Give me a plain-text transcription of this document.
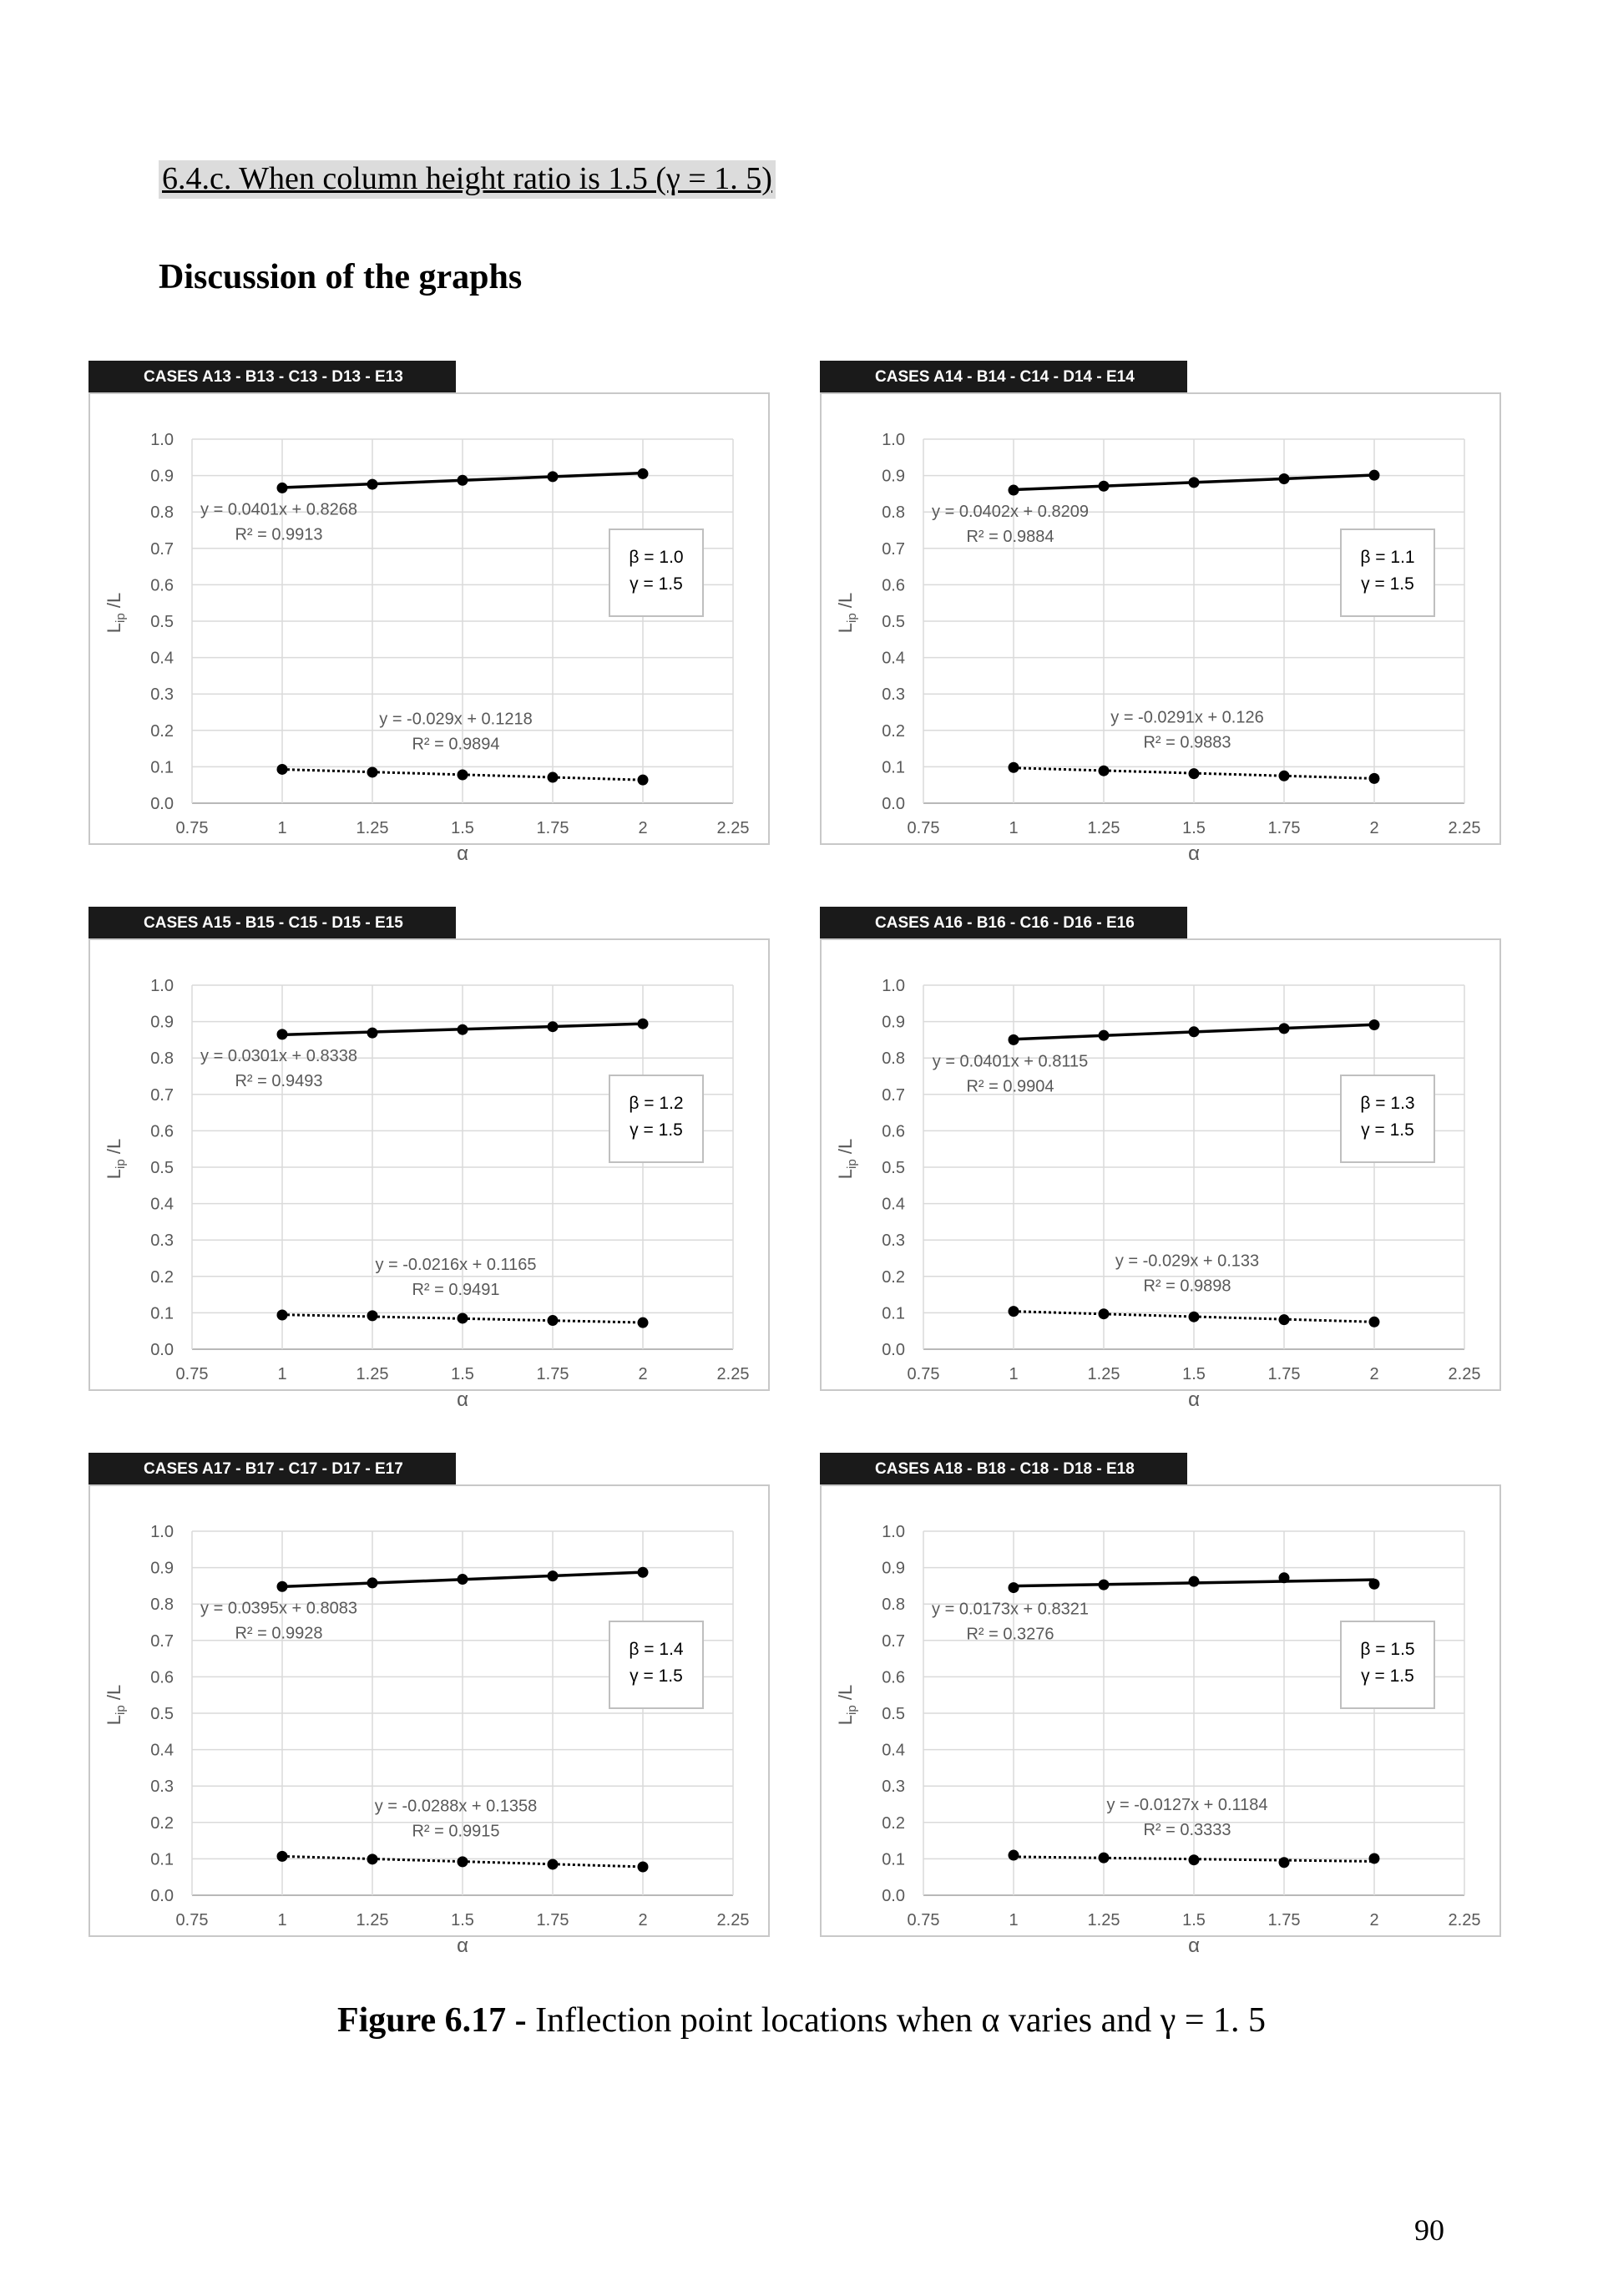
6.4.c. When column height ratio is 1.5 (γ = 1. 5)
Discussion of the graphs
CASES A13 - B13 - C13 - D13 - E13
0.0
0.1
0.2
0.3
0.4
0.5
0.6
0.7
0.8
0.9
1.0
0.75	1	1.25	1.5	1.75	2	2.25
α
$L_{ip}$ /L
y = 0.0401x + 0.8268
R² = 0.9913
y = -0.029x + 0.1218
R² = 0.9894
β = 1.0
γ = 1.5
CASES A14 - B14 - C14 - D14 - E14
0.0
0.1
0.2
0.3
0.4
0.5
0.6
0.7
0.8
0.9
1.0
0.75	1	1.25	1.5	1.75	2	2.25
α
$L_{ip}$ /L
y = 0.0402x + 0.8209
R² = 0.9884
y = -0.0291x + 0.126
R² = 0.9883
β = 1.1
γ = 1.5
CASES A15 - B15 - C15 - D15 - E15
0.0
0.1
0.2
0.3
0.4
0.5
0.6
0.7
0.8
0.9
1.0
0.75	1	1.25	1.5	1.75	2	2.25
α
$L_{ip}$ /L
y = 0.0301x + 0.8338
R² = 0.9493
y = -0.0216x + 0.1165
R² = 0.9491
β = 1.2
γ = 1.5
CASES A16 - B16 - C16 - D16 - E16
0.0
0.1
0.2
0.3
0.4
0.5
0.6
0.7
0.8
0.9
1.0
0.75	1	1.25	1.5	1.75	2	2.25
α
$L_{ip}$ /L
y = 0.0401x + 0.8115
R² = 0.9904
y = -0.029x + 0.133
R² = 0.9898
β = 1.3
γ = 1.5
CASES A17 - B17 - C17 - D17 - E17
0.0
0.1
0.2
0.3
0.4
0.5
0.6
0.7
0.8
0.9
1.0
0.75	1	1.25	1.5	1.75	2	2.25
α
$L_{ip}$ /L
y = 0.0395x + 0.8083
R² = 0.9928
y = -0.0288x + 0.1358
R² = 0.9915
β = 1.4
γ = 1.5
CASES A18 - B18 - C18 - D18 - E18
0.0
0.1
0.2
0.3
0.4
0.5
0.6
0.7
0.8
0.9
1.0
0.75	1	1.25	1.5	1.75	2	2.25
α
$L_{ip}$ /L
y = 0.0173x + 0.8321
R² = 0.3276
y = -0.0127x + 0.1184
R² = 0.3333
β = 1.5
γ = 1.5
Figure 6.17 - Inflection point locations when α varies and γ = 1. 5
90
